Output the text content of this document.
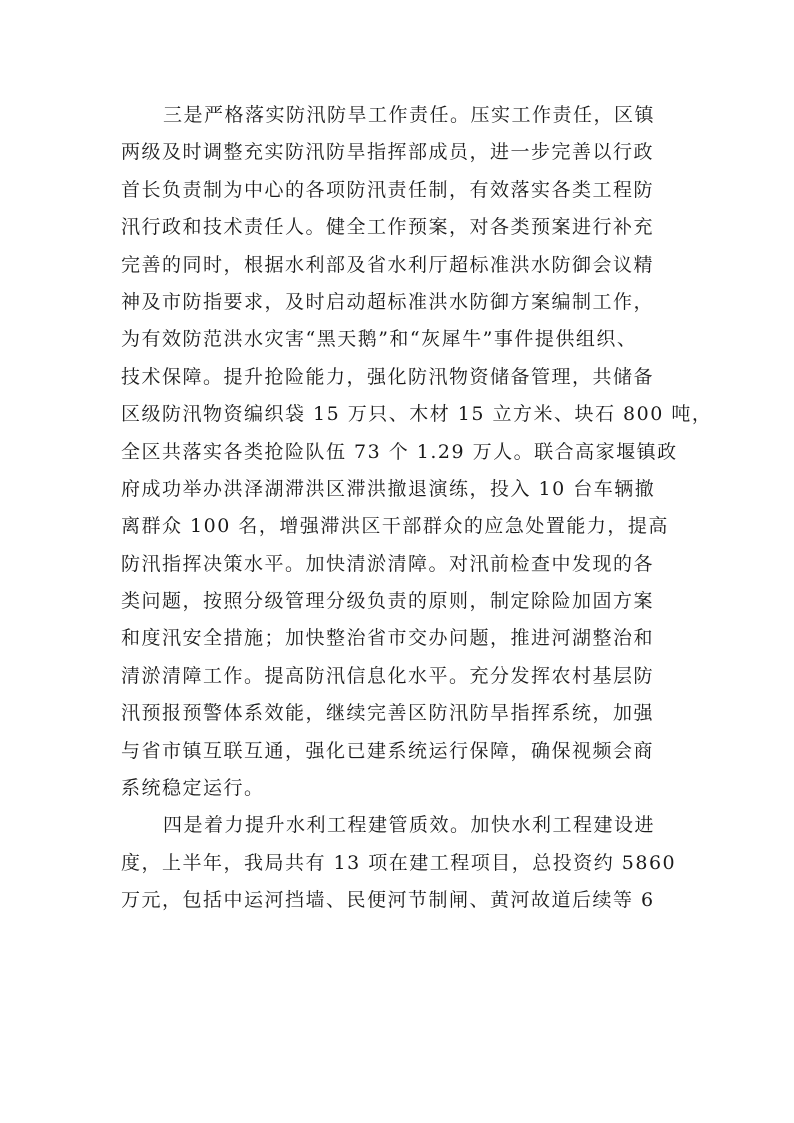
三是严格落实防汛防旱工作责任。压实工作责任，区镇
两级及时调整充实防汛防旱指挥部成员，进一步完善以行政
首长负责制为中心的各项防汛责任制，有效落实各类工程防
汛行政和技术责任人。健全工作预案，对各类预案进行补充
完善的同时，根据水利部及省水利厅超标准洪水防御会议精
神及市防指要求，及时启动超标准洪水防御方案编制工作，
为有效防范洪水灾害“黑天鹅”和“灰犀牛”事件提供组织、
技术保障。提升抢险能力，强化防汛物资储备管理，共储备
区级防汛物资编织袋 15 万只、木材 15 立方米、块石 800 吨，
全区共落实各类抢险队伍 73 个 1.29 万人。联合高家堰镇政
府成功举办洪泽湖滞洪区滞洪撤退演练，投入 10 台车辆撤
离群众 100 名，增强滞洪区干部群众的应急处置能力，提高
防汛指挥决策水平。加快清淤清障。对汛前检查中发现的各
类问题，按照分级管理分级负责的原则，制定除险加固方案
和度汛安全措施；加快整治省市交办问题，推进河湖整治和
清淤清障工作。提高防汛信息化水平。充分发挥农村基层防
汛预报预警体系效能，继续完善区防汛防旱指挥系统，加强
与省市镇互联互通，强化已建系统运行保障，确保视频会商
系统稳定运行。
四是着力提升水利工程建管质效。加快水利工程建设进
度，上半年，我局共有 13 项在建工程项目，总投资约 5860
万元，包括中运河挡墙、民便河节制闸、黄河故道后续等 6
